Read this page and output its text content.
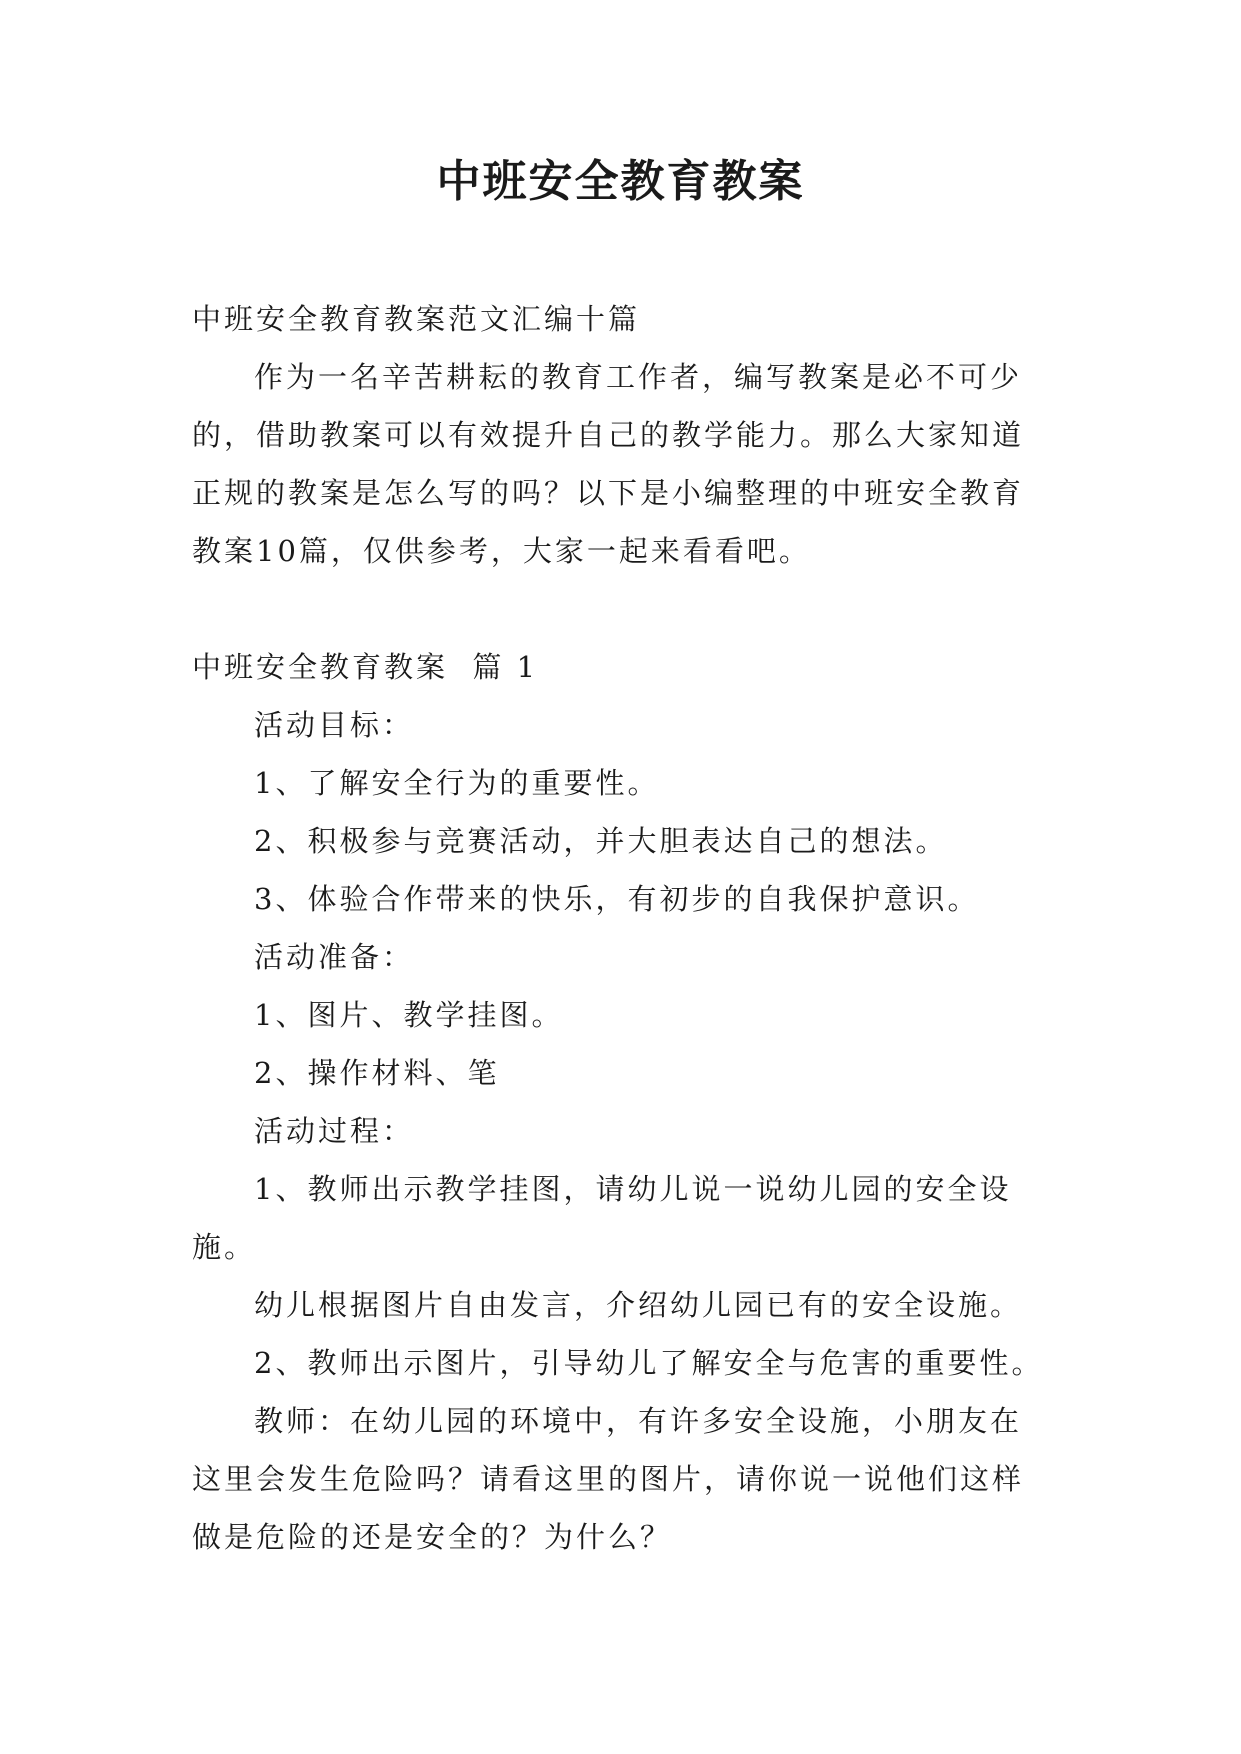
中班安全教育教案

中班安全教育教案范文汇编十篇

作为一名辛苦耕耘的教育工作者，编写教案是必不可少的，借助教案可以有效提升自己的教学能力。那么大家知道正规的教案是怎么写的吗？以下是小编整理的中班安全教育教案10篇，仅供参考，大家一起来看看吧。

中班安全教育教案  篇 1

活动目标：

1、了解安全行为的重要性。

2、积极参与竞赛活动，并大胆表达自己的想法。

3、体验合作带来的快乐，有初步的自我保护意识。

活动准备：

1、图片、教学挂图。

2、操作材料、笔

活动过程：

1、教师出示教学挂图，请幼儿说一说幼儿园的安全设施。

幼儿根据图片自由发言，介绍幼儿园已有的安全设施。

2、教师出示图片，引导幼儿了解安全与危害的重要性。

教师：在幼儿园的环境中，有许多安全设施，小朋友在这里会发生危险吗？请看这里的图片，请你说一说他们这样做是危险的还是安全的？为什么？
